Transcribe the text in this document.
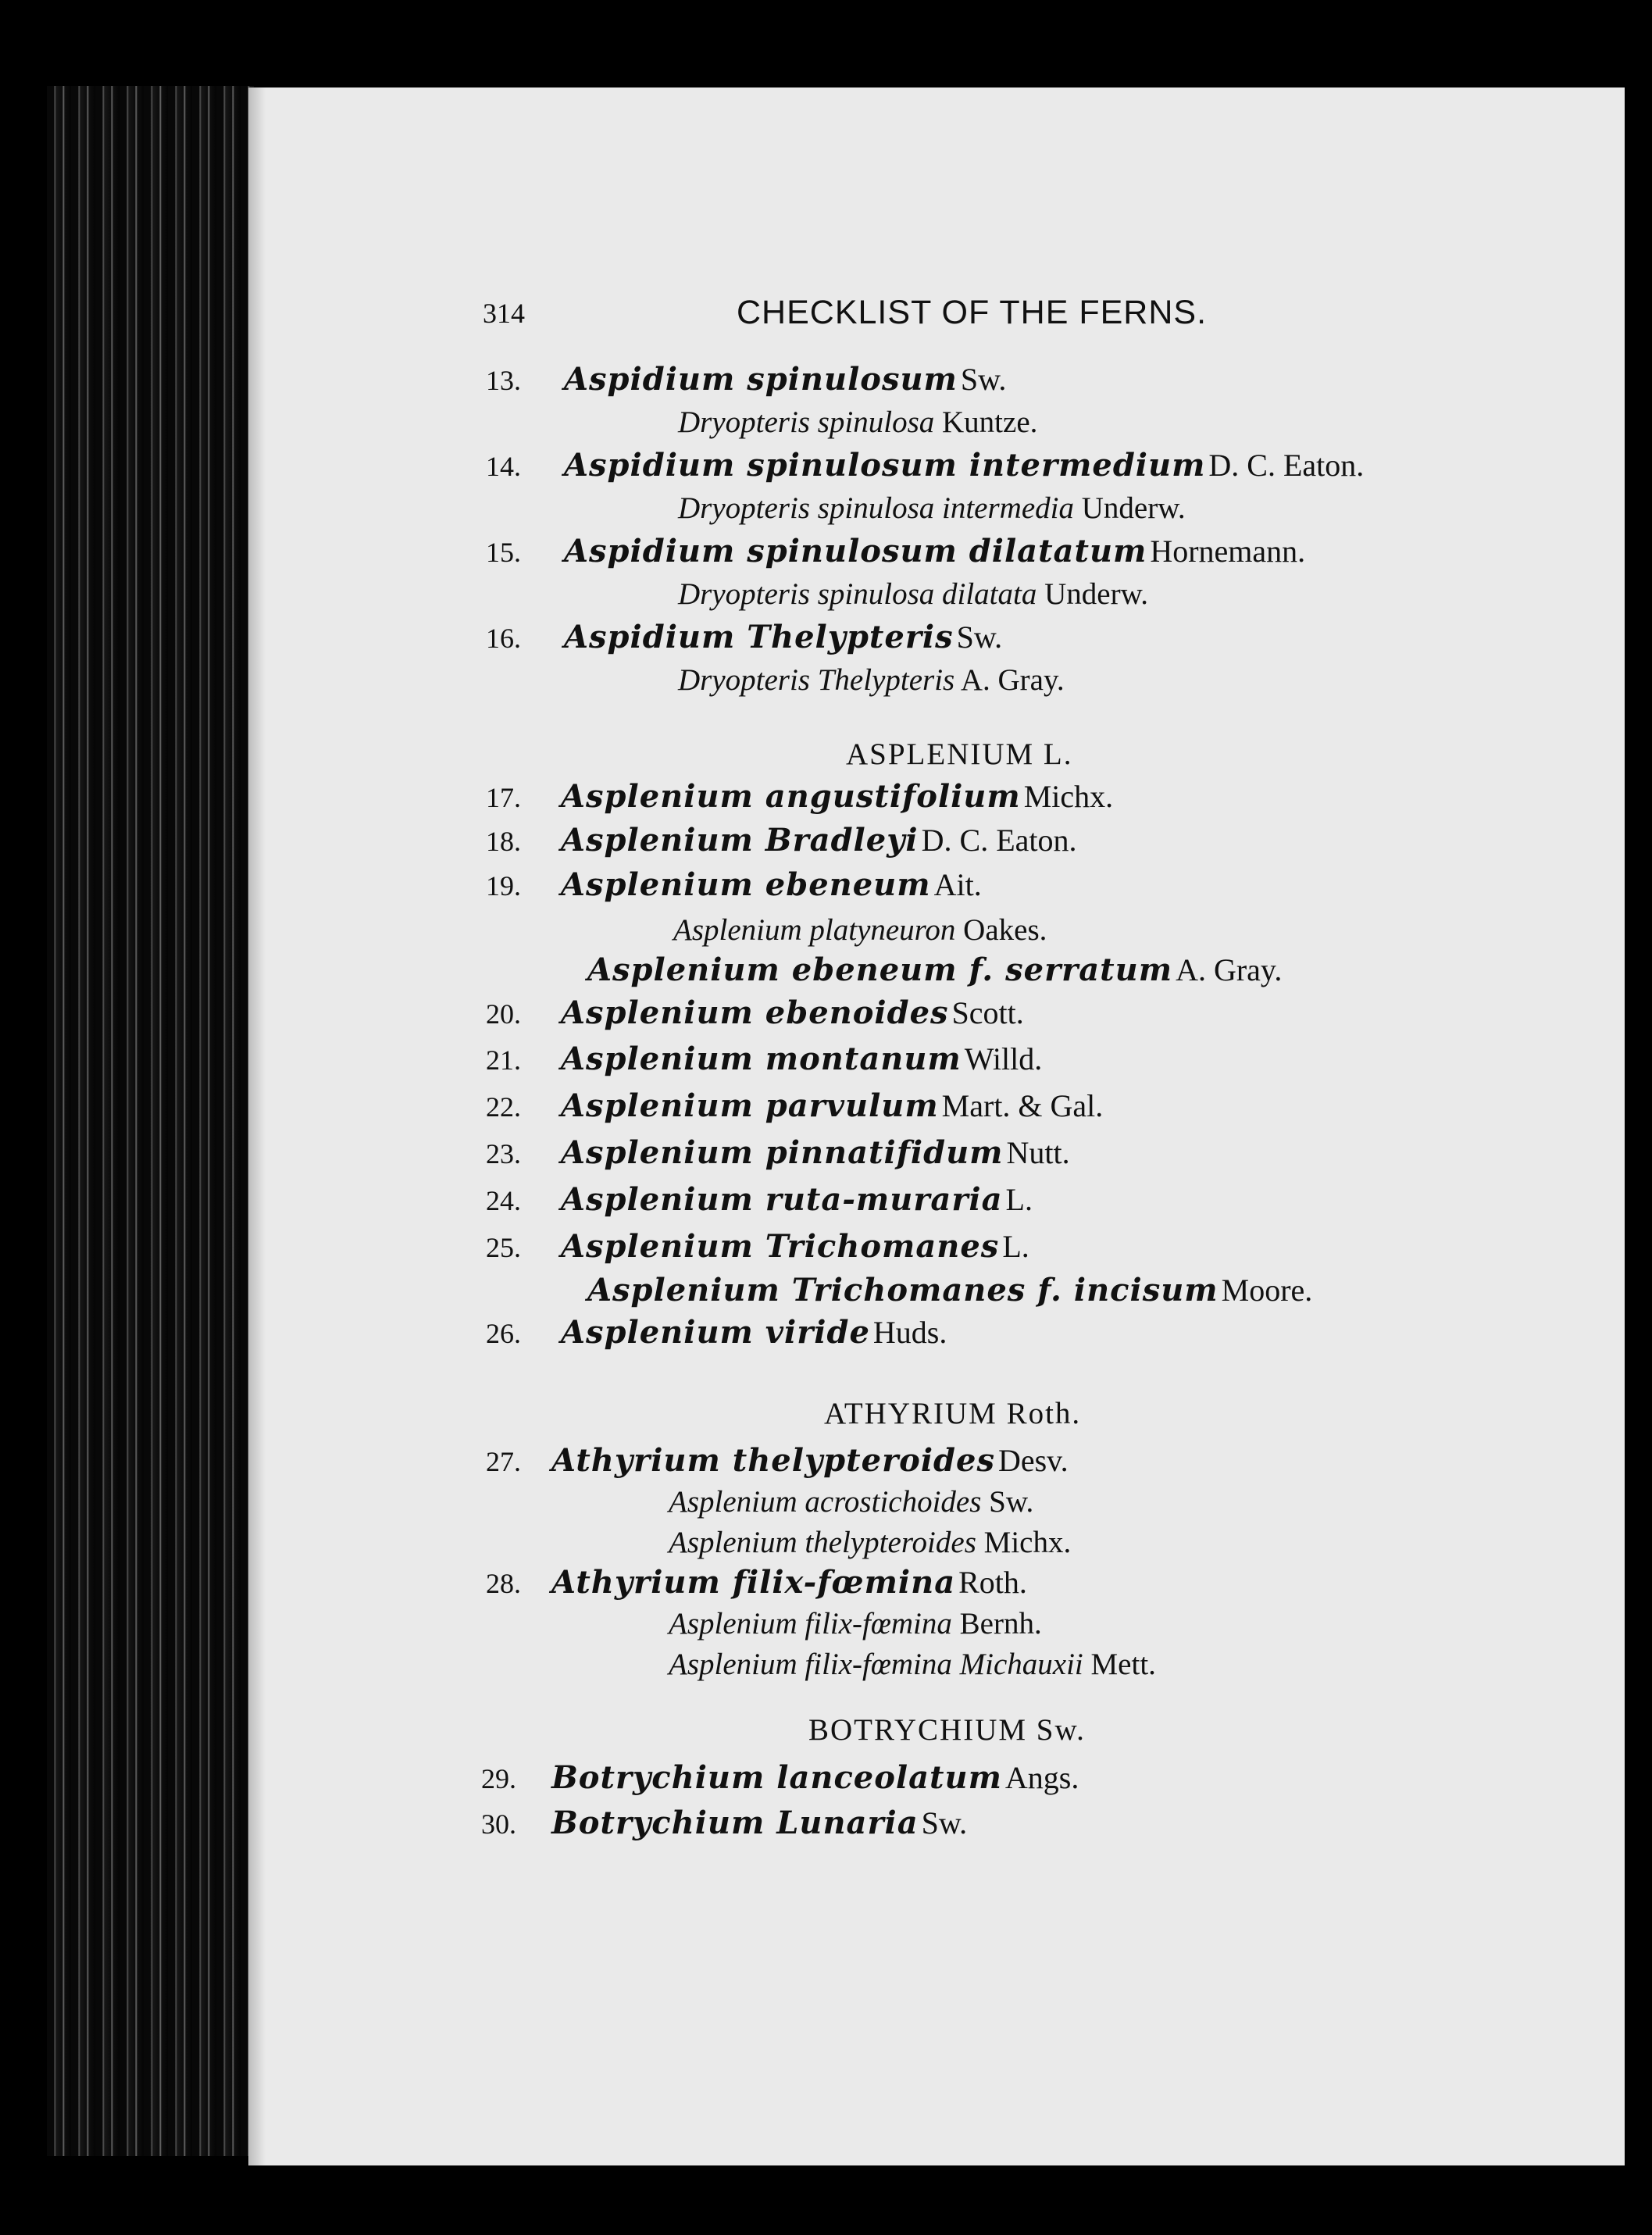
314	CHECKLIST OF THE FERNS.
13. Aspidium spinulosum Sw.
Dryopteris spinulosa Kuntze.
14. Aspidium spinulosum intermedium D. C. Eaton.
Dryopteris spinulosa intermedia Underw.
15. Aspidium spinulosum dilatatum Hornemann.
Dryopteris spinulosa dilatata Underw.
16. Aspidium Thelypteris Sw.
Dryopteris Thelypteris A. Gray.
ASPLENIUM L.
17. Asplenium angustifolium Michx.
18. Asplenium Bradleyi D. C. Eaton.
19. Asplenium ebeneum Ait.
Asplenium platyneuron Oakes.
Asplenium ebeneum f. serratum A. Gray.
20. Asplenium ebenoides Scott.
21. Asplenium montanum Willd.
22. Asplenium parvulum Mart. & Gal.
23. Asplenium pinnatifidum Nutt.
24. Asplenium ruta-muraria L.
25. Asplenium Trichomanes L.
Asplenium Trichomanes f. incisum Moore.
26. Asplenium viride Huds.
ATHYRIUM Roth.
27. Athyrium thelypteroides Desv.
Asplenium acrostichoides Sw.
Asplenium thelypteroides Michx.
28. Athyrium filix-fœmina Roth.
Asplenium filix-fœmina Bernh.
Asplenium filix-fœmina Michauxii Mett.
BOTRYCHIUM Sw.
29. Botrychium lanceolatum Angs.
30. Botrychium Lunaria Sw.
